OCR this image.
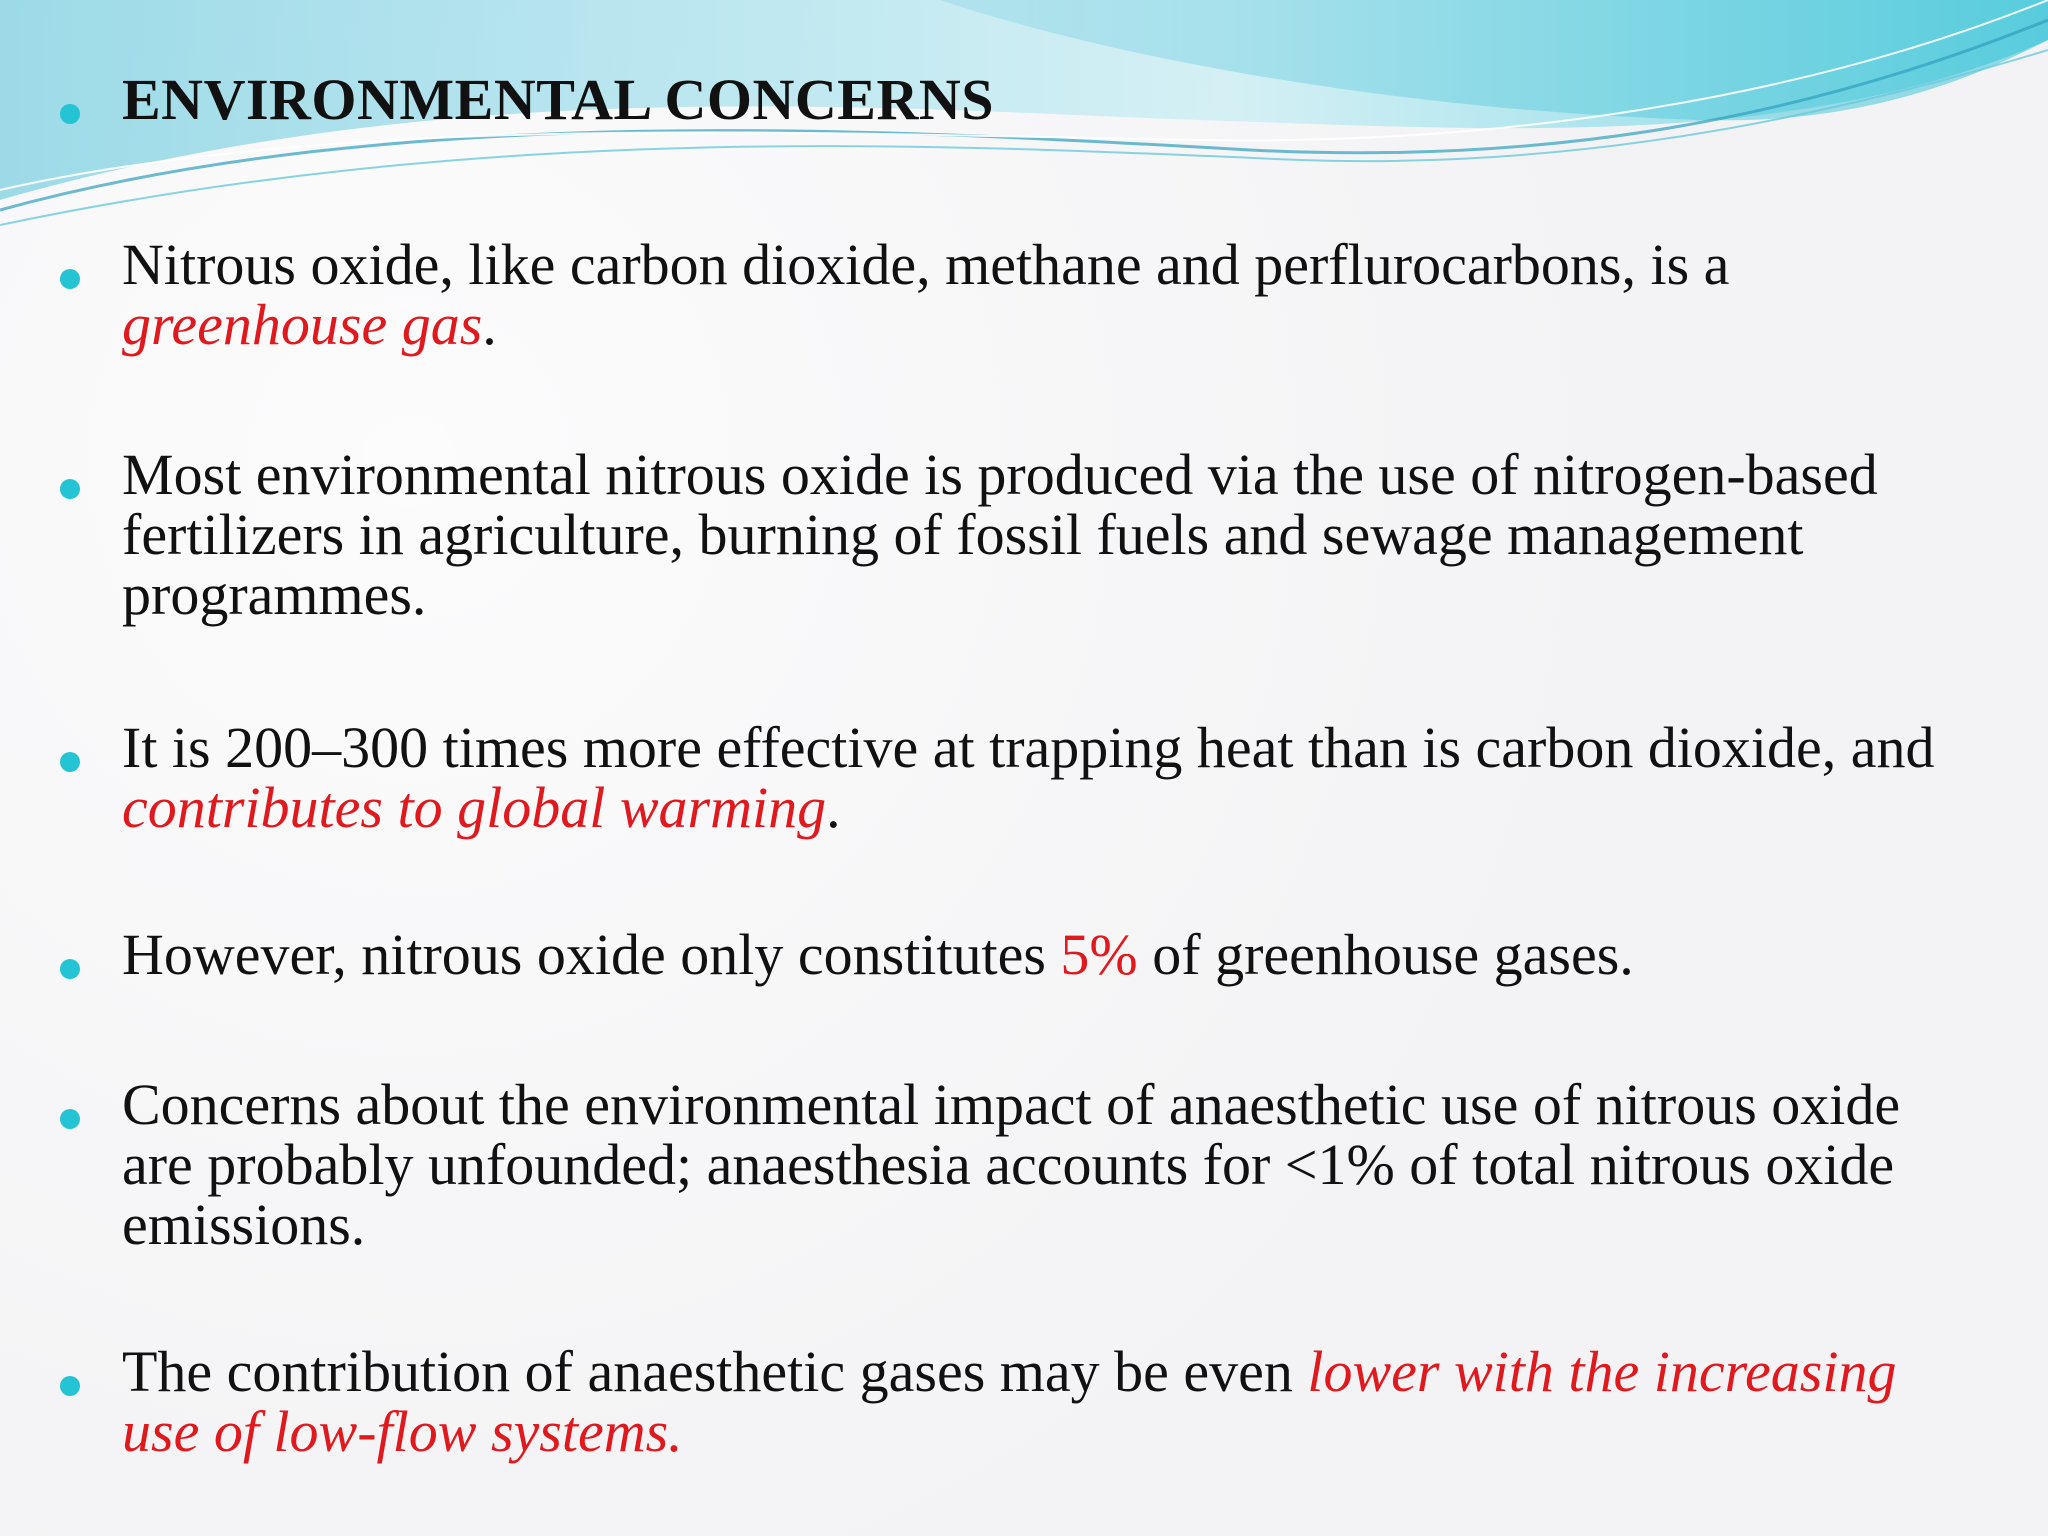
ENVIRONMENTAL CONCERNS
Nitrous oxide, like carbon dioxide, methane and perflurocarbons, is a greenhouse gas.
Most environmental nitrous oxide is produced via the use of nitrogen-based fertilizers in agriculture, burning of fossil fuels and sewage management programmes.
It is 200–300 times more effective at trapping heat than is carbon dioxide, and contributes to global warming.
However, nitrous oxide only constitutes 5% of greenhouse gases.
Concerns about the environmental impact of anaesthetic use of nitrous oxide are probably unfounded; anaesthesia accounts for <1% of total nitrous oxide emissions.
The contribution of anaesthetic gases may be even lower with the increasing use of low-flow systems.
